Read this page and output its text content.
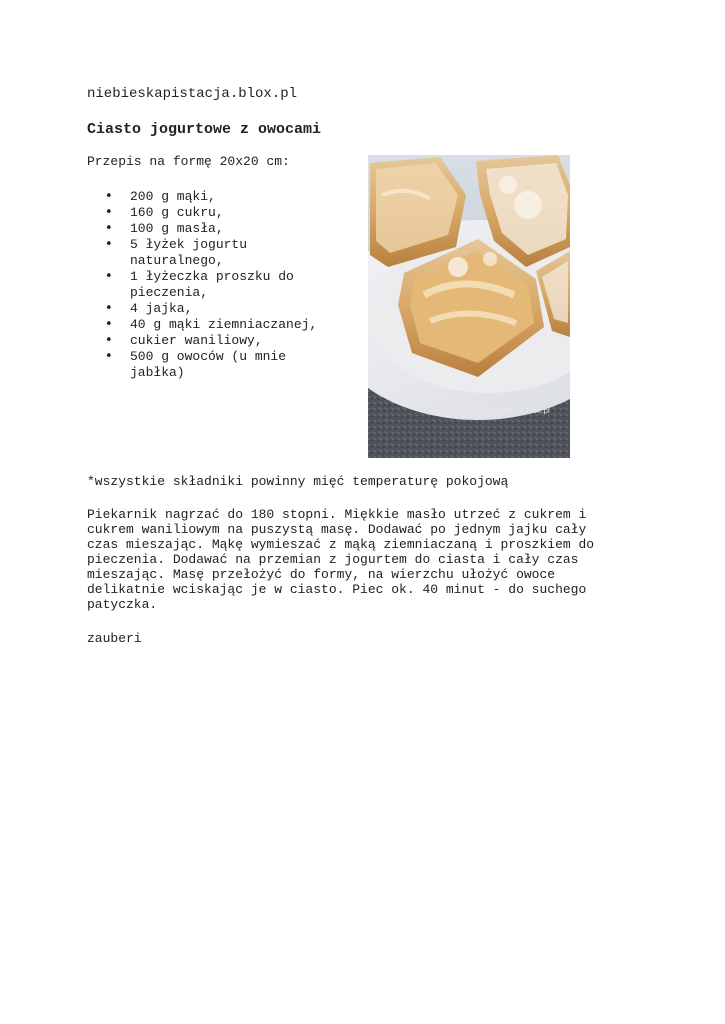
niebieskapistacja.blox.pl
Ciasto jogurtowe z owocami
Przepis na formę 20x20 cm:
• 200 g mąki,
• 160 g cukru,
• 100 g masła,
• 5 łyżek jogurtu
naturalnego,
• 1 łyżeczka proszku do
pieczenia,
• 4 jajka,
• 40 g mąki ziemniaczanej,
• cukier waniliowy,
• 500 g owoców (u mnie
jabłka)
niebieskapistacja.blox.pl
*wszystkie składniki powinny mięć temperaturę pokojową

Piekarnik nagrzać do 180 stopni. Miękkie masło utrzeć z cukrem i
cukrem waniliowym na puszystą masę. Dodawać po jednym jajku cały
czas mieszając. Mąkę wymieszać z mąką ziemniaczaną i proszkiem do
pieczenia. Dodawać na przemian z jogurtem do ciasta i cały czas
mieszając. Masę przełożyć do formy, na wierzchu ułożyć owoce
delikatnie wciskając je w ciasto. Piec ok. 40 minut - do suchego
patyczka.

zauberi
